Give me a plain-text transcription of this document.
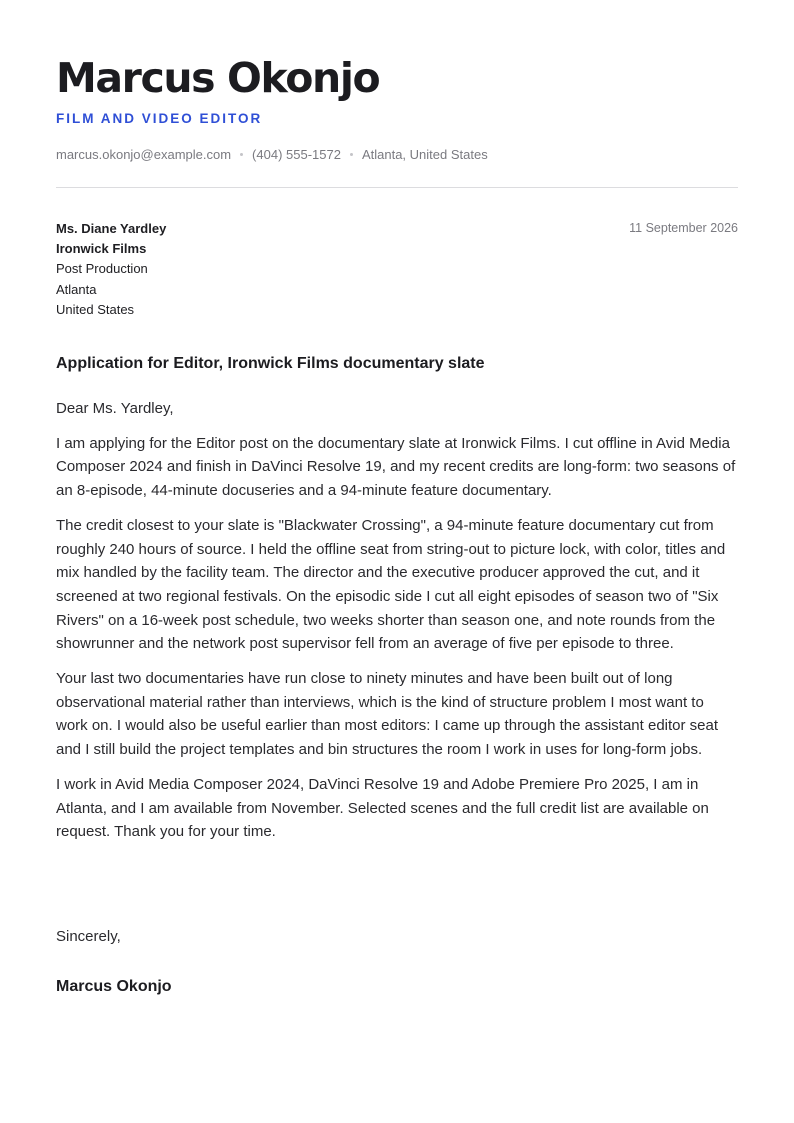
Marcus Okonjo
FILM AND VIDEO EDITOR
marcus.okonjo@example.com (404) 555-1572 Atlanta, United States
Ms. Diane Yardley
Ironwick Films
Post Production
Atlanta
United States
11 September 2026
Application for Editor, Ironwick Films documentary slate

Dear Ms. Yardley,

I am applying for the Editor post on the documentary slate at Ironwick Films. I cut offline in Avid Media Composer 2024 and finish in DaVinci Resolve 19, and my recent credits are long-form: two seasons of an 8-episode, 44-minute docuseries and a 94-minute feature documentary.

The credit closest to your slate is "Blackwater Crossing", a 94-minute feature documentary cut from roughly 240 hours of source. I held the offline seat from string-out to picture lock, with color, titles and mix handled by the facility team. The director and the executive producer approved the cut, and it screened at two regional festivals. On the episodic side I cut all eight episodes of season two of "Six Rivers" on a 16-week post schedule, two weeks shorter than season one, and note rounds from the showrunner and the network post supervisor fell from an average of five per episode to three.

Your last two documentaries have run close to ninety minutes and have been built out of long observational material rather than interviews, which is the kind of structure problem I most want to work on. I would also be useful earlier than most editors: I came up through the assistant editor seat and I still build the project templates and bin structures the room I work in uses for long-form jobs.

I work in Avid Media Composer 2024, DaVinci Resolve 19 and Adobe Premiere Pro 2025, I am in Atlanta, and I am available from November. Selected scenes and the full credit list are available on request. Thank you for your time.

Sincerely,
Marcus Okonjo
